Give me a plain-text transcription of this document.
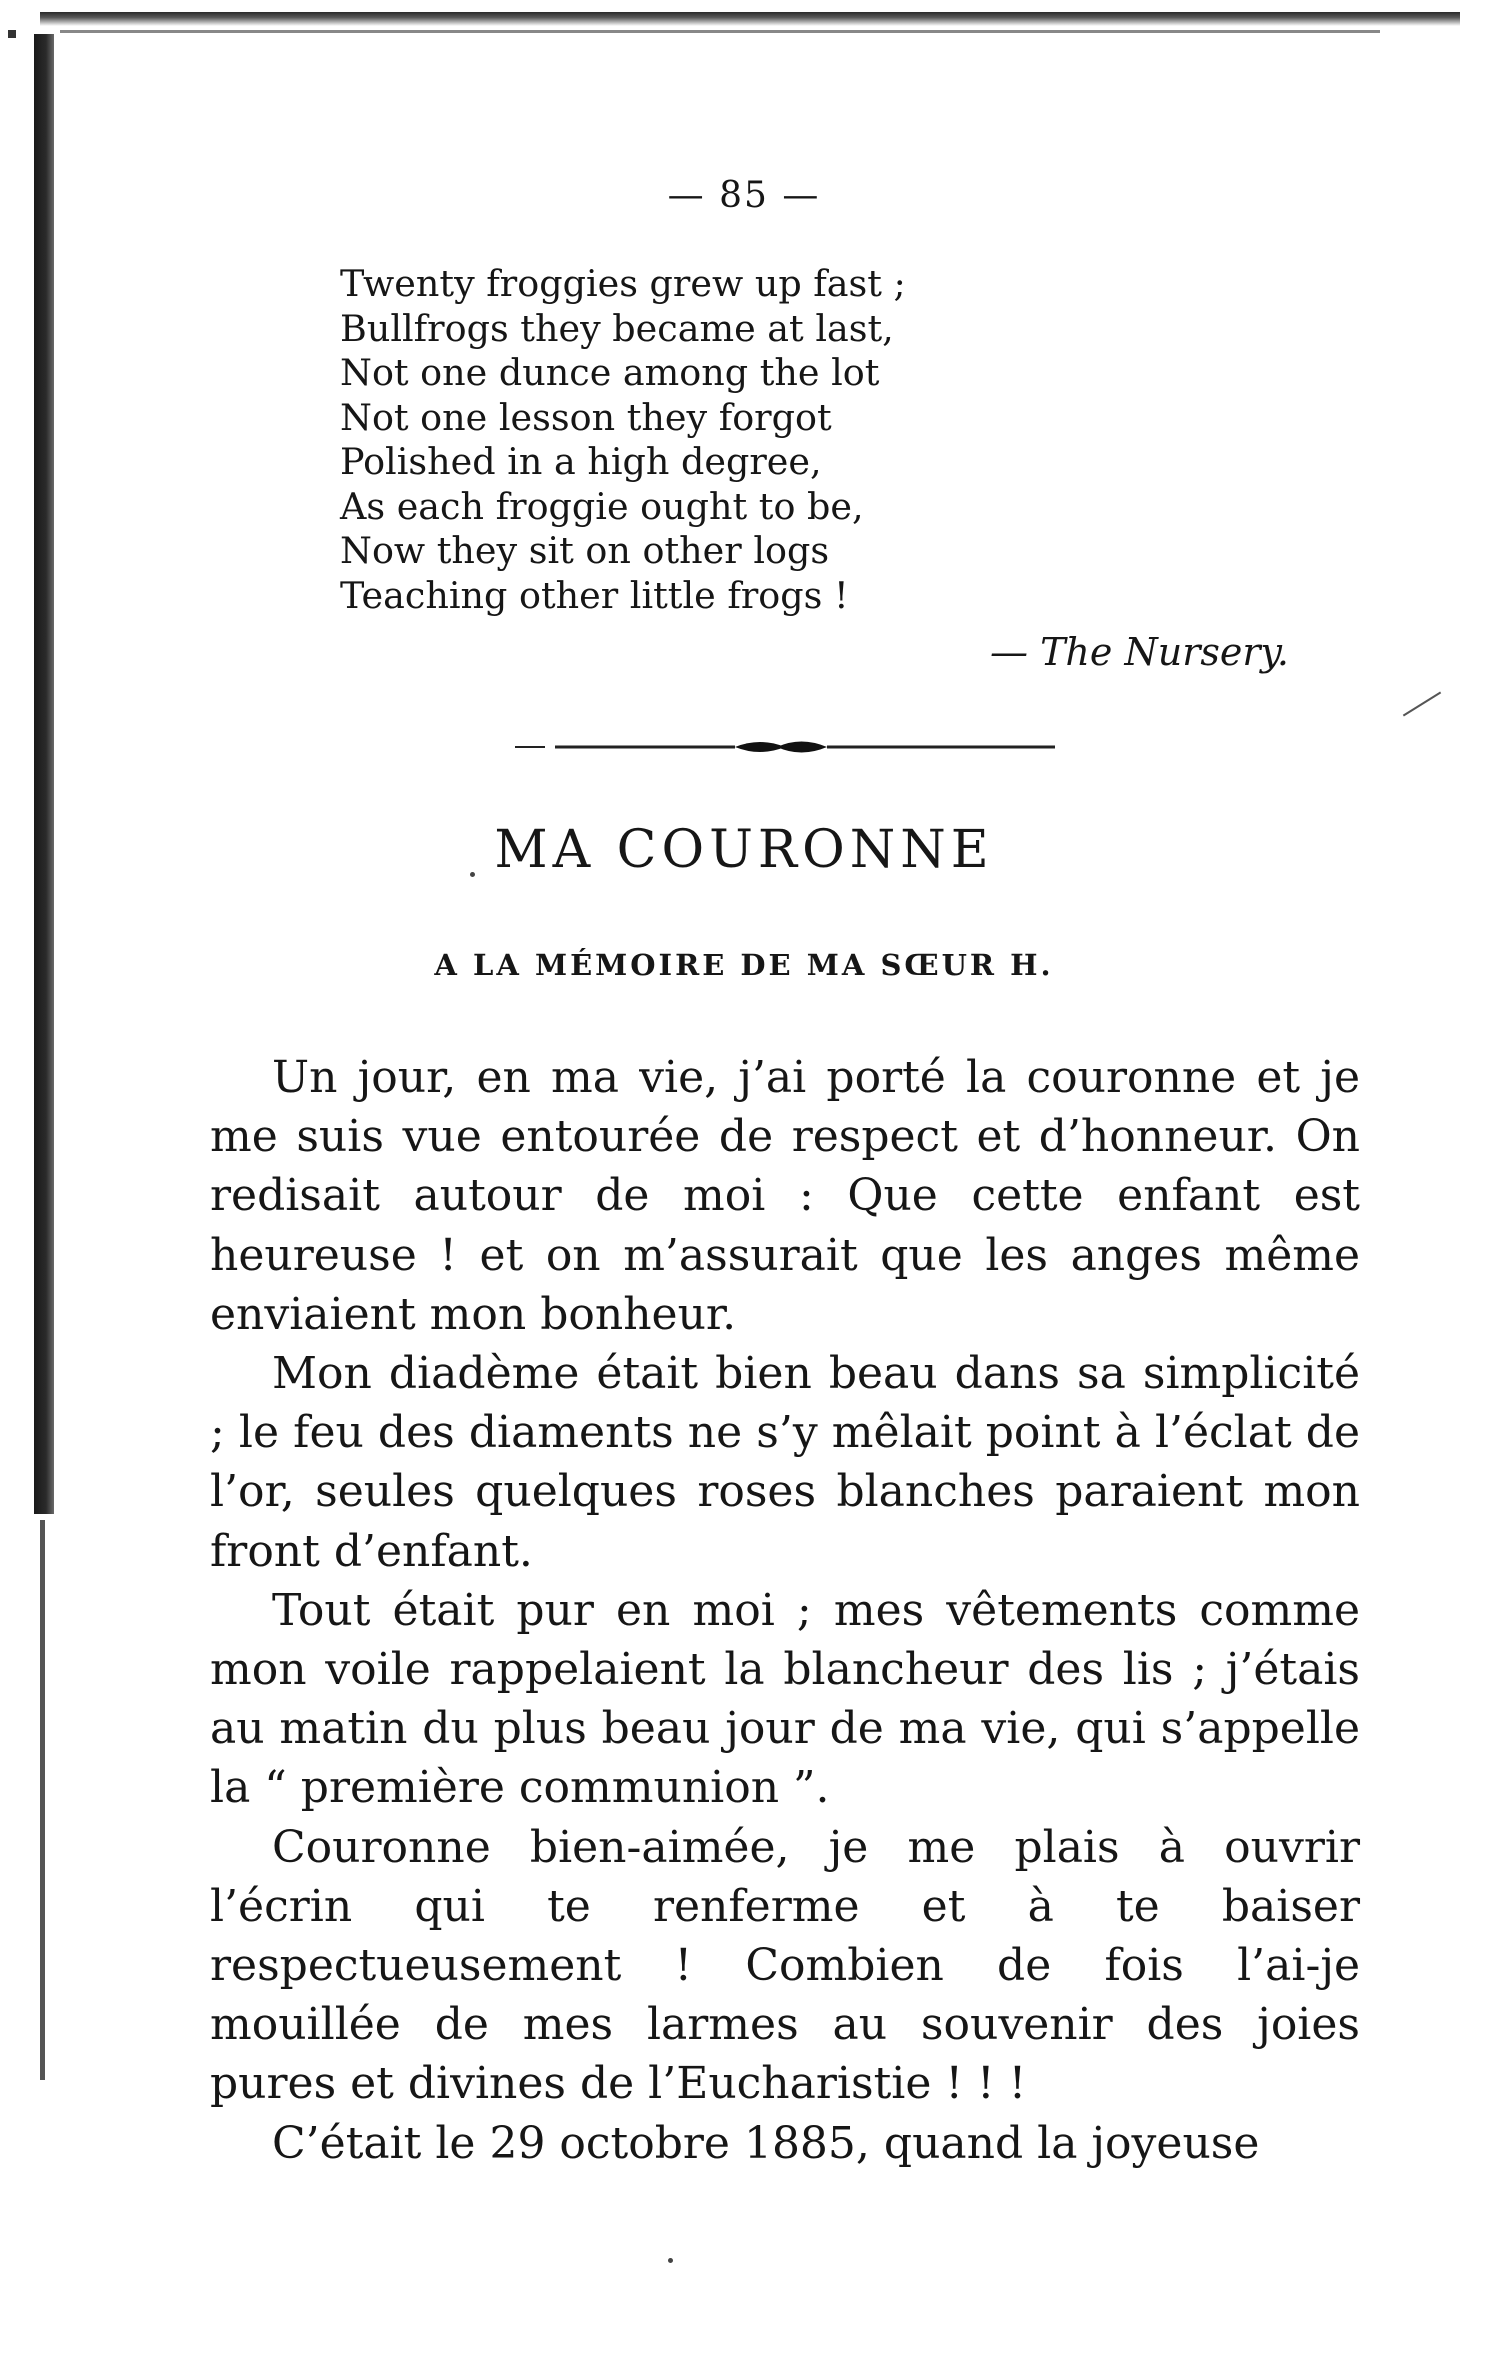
— 85 —
Twenty froggies grew up fast ;
Bullfrogs they became at last,
Not one dunce among the lot
Not one lesson they forgot
Polished in a high degree,
As each froggie ought to be,
Now they sit on other logs
Teaching other little frogs !
— The Nursery.
MA COURONNE
A LA MÉMOIRE DE MA SŒUR H.

Un jour, en ma vie, j’ai porté la couronne et je me suis vue entourée de respect et d’honneur. On redisait autour de moi : Que cette enfant est heureuse ! et on m’assurait que les anges même enviaient mon bonheur.

Mon diadème était bien beau dans sa simplicité ; le feu des diaments ne s’y mêlait point à l’éclat de l’or, seules quelques roses blanches paraient mon front d’enfant.

Tout était pur en moi ; mes vêtements comme mon voile rappelaient la blancheur des lis ; j’étais au matin du plus beau jour de ma vie, qui s’appelle la “ première communion ”.

Couronne bien-aimée, je me plais à ouvrir l’écrin qui te renferme et à te baiser respectueusement ! Combien de fois l’ai-je mouillée de mes larmes au souvenir des joies pures et divines de l’Eucharistie ! ! !

C’était le 29 octobre 1885, quand la joyeuse
